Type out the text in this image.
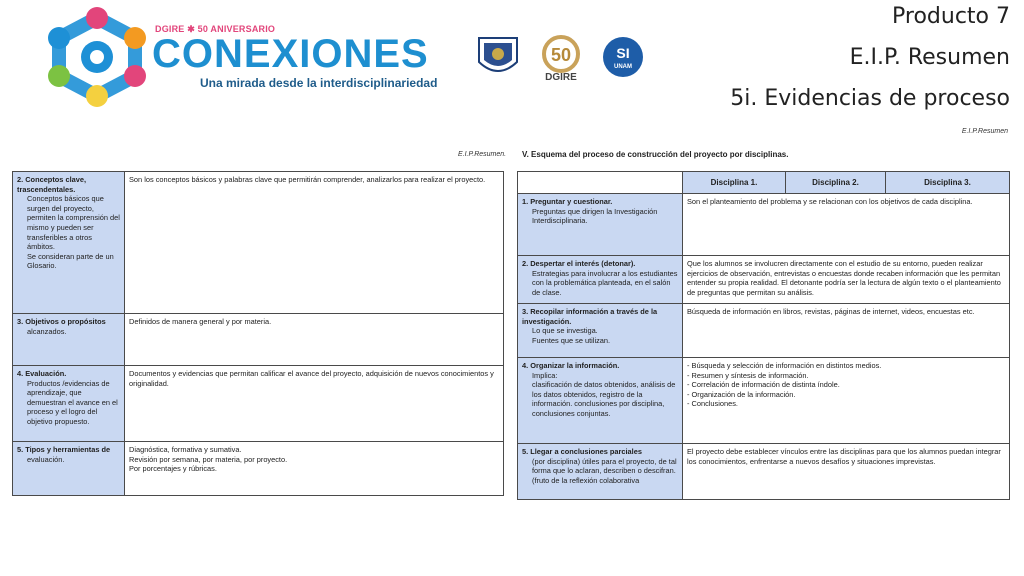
DGIRE ✱ 50 ANIVERSARIO
CONEXIONES
Una mirada desde la interdisciplinariedad
50
DGIRE
SI
UNAM
Producto 7
E.I.P. Resumen
5i. Evidencias de proceso
E.I.P.Resumen
E.I.P.Resumen. V. Esquema del proceso de construcción del proyecto por disciplinas.
2. Conceptos clave, trascendentales.
Conceptos básicos que surgen del proyecto, permiten la comprensión del mismo y pueden ser transferibles a otros ámbitos.
Se consideran parte de un Glosario.	Son los conceptos básicos y palabras clave que permitirán comprender, analizarlos para realizar el proyecto.
3. Objetivos o propósitos
alcanzados.	Definidos de manera general y por materia.
4. Evaluación.
Productos /evidencias de aprendizaje, que demuestran el avance en el proceso y el logro del objetivo propuesto.	Documentos y evidencias que permitan calificar el avance del proyecto, adquisición de nuevos conocimientos y originalidad.
5. Tipos y herramientas de
evaluación.	Diagnóstica, formativa y sumativa.
Revisión por semana, por materia, por proyecto.
Por porcentajes y rúbricas.
	Disciplina 1.	Disciplina 2.	Disciplina 3.
1. Preguntar y cuestionar.
Preguntas que dirigen la Investigación Interdisciplinaria.	Son el planteamiento del problema y se relacionan con los objetivos de cada disciplina.		
2. Despertar el interés (detonar).
Estrategias para involucrar a los estudiantes con la problemática planteada, en el salón de clase.	Que los alumnos se involucren directamente con el estudio de su entorno, pueden realizar ejercicios de observación, entrevistas o encuestas donde recaben información que les permitan entender su propia realidad. El detonante podría ser la lectura de algún texto o el planteamiento de preguntas que permitan su análisis.		
3. Recopilar información a través de la investigación.
Lo que se investiga.
Fuentes que se utilizan.	Búsqueda de información en libros, revistas, páginas de internet, videos, encuestas etc.		
4. Organizar la información.
Implica:
clasificación de datos obtenidos, análisis de los datos obtenidos, registro de la información. conclusiones por disciplina, conclusiones conjuntas.	- Búsqueda y selección de información en distintos medios.
- Resumen y síntesis de información.
- Correlación de información de distinta índole.
- Organización de la información.
- Conclusiones.		
5. Llegar a conclusiones parciales
(por disciplina) útiles para el proyecto, de tal forma que lo aclaran, describen o descifran. (fruto de la reflexión colaborativa	El proyecto debe establecer vínculos entre las disciplinas para que los alumnos puedan integrar los conocimientos, enfrentarse a nuevos desafíos y situaciones imprevistas.		
